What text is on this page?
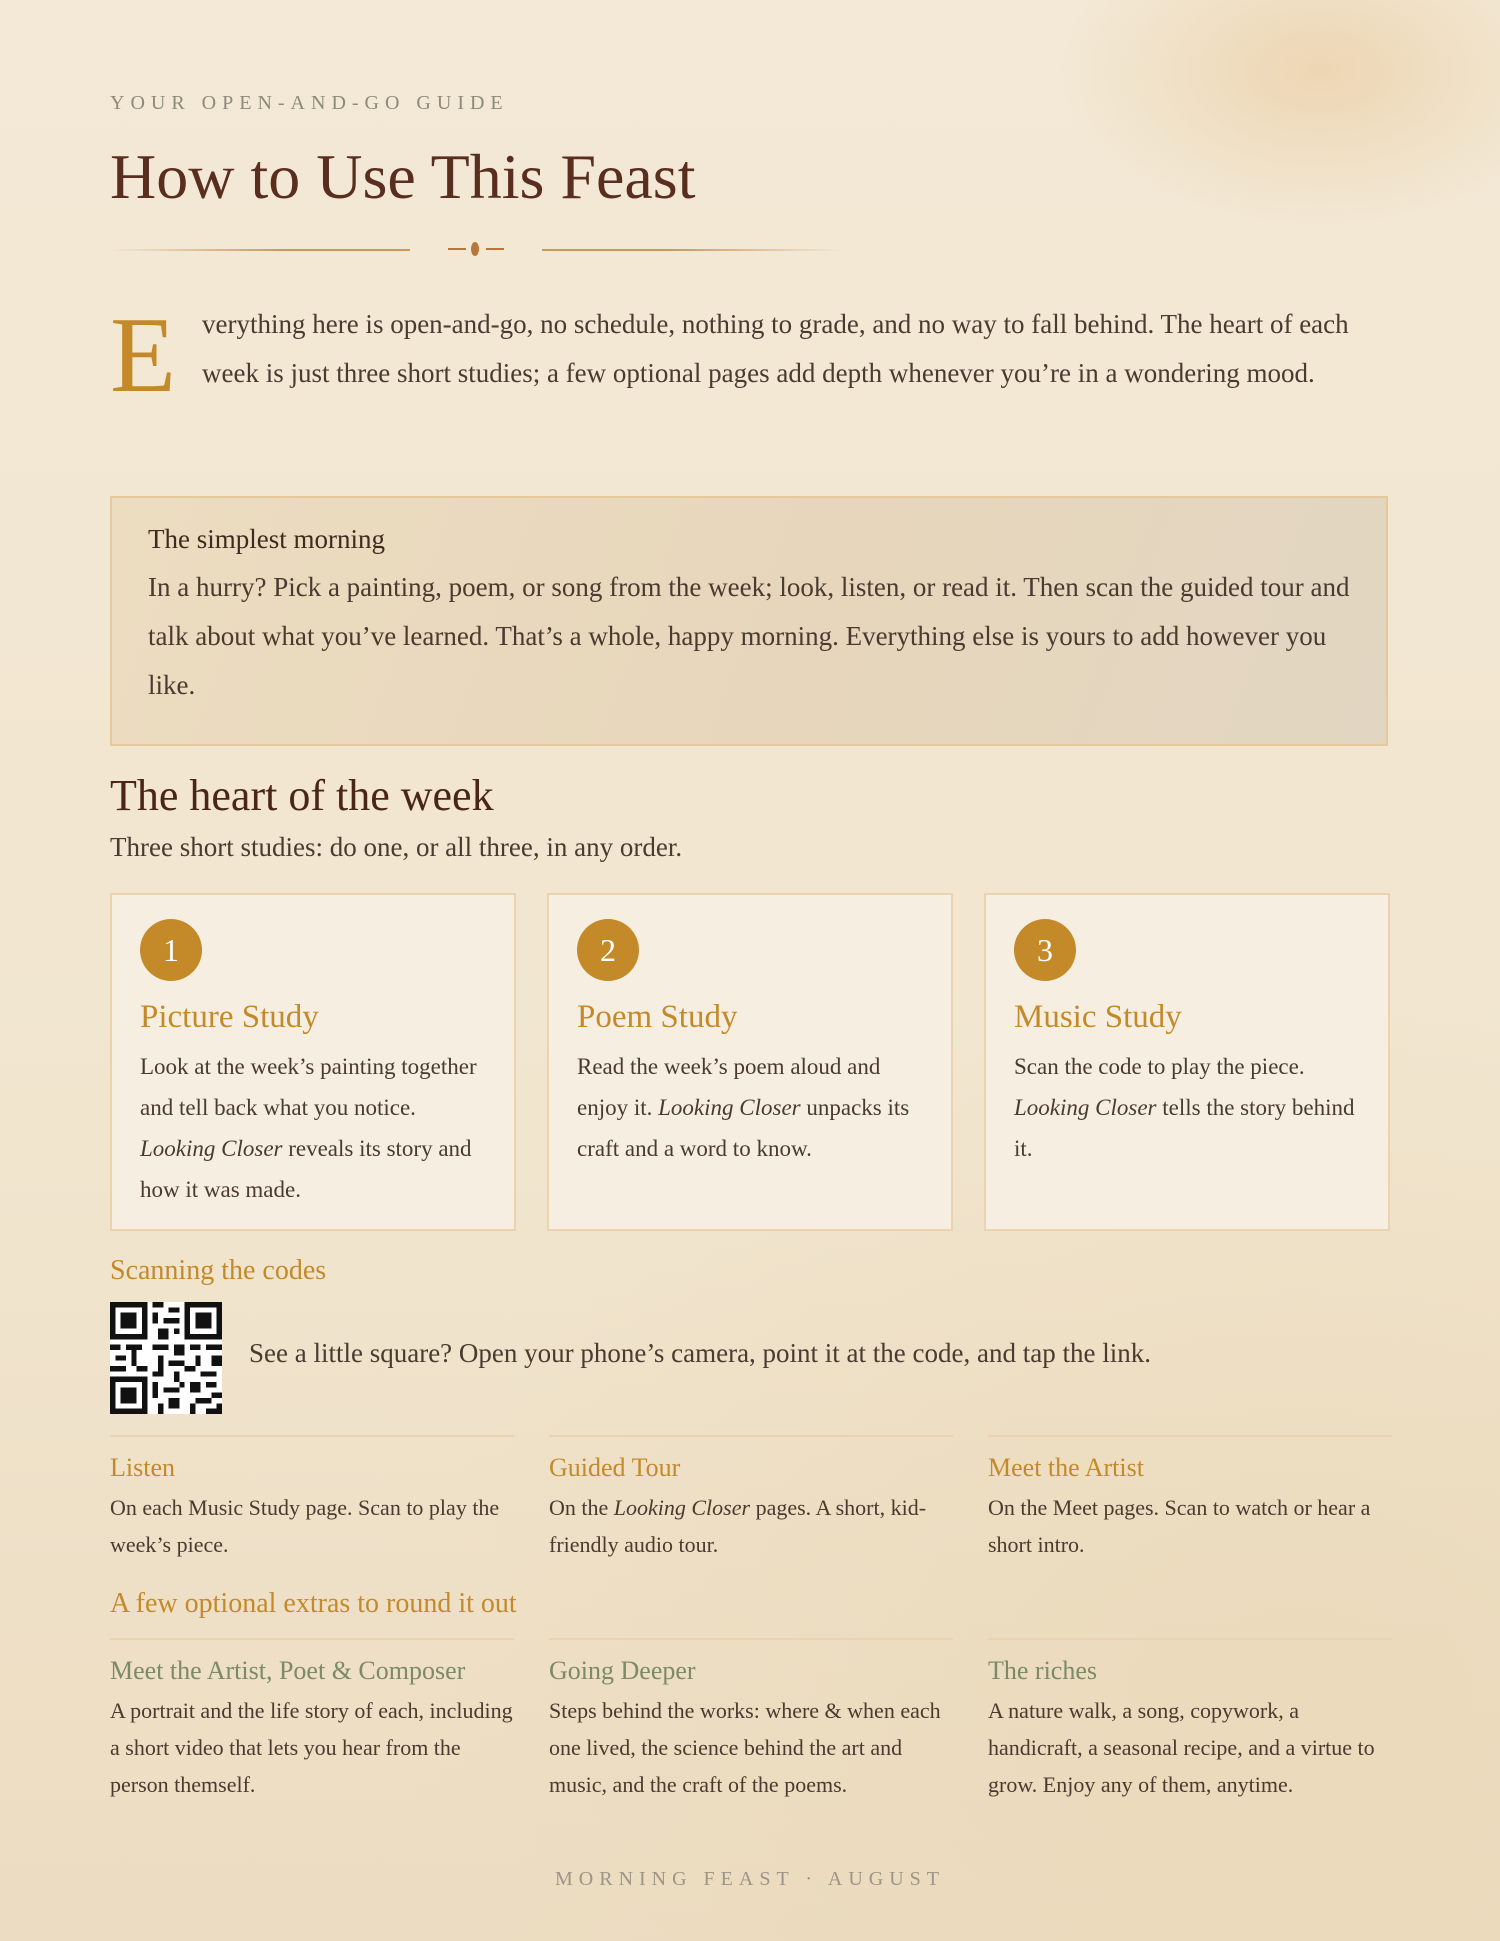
YOUR OPEN-AND-GO GUIDE
How to Use This Feast
E verything here is open-and-go, no schedule, nothing to grade, and no way to fall behind. The heart of each week is just three short studies; a few optional pages add depth whenever you’re in a wondering mood.
The simplest morning

In a hurry? Pick a painting, poem, or song from the week; look, listen, or read it. Then scan the guided tour and talk about what you’ve learned. That’s a whole, happy morning. Everything else is yours to add however you like.

The heart of the week
Three short studies: do one, or all three, in any order.
1
Picture Study

Look at the week’s painting together and tell back what you notice. Looking Closer reveals its story and how it was made.

2
Poem Study

Read the week’s poem aloud and enjoy it. Looking Closer unpacks its craft and a word to know.

3
Music Study

Scan the code to play the piece. Looking Closer tells the story behind it.

Scanning the codes
See a little square? Open your phone’s camera, point it at the code, and tap the link.
Listen

On each Music Study page. Scan to play the week’s piece.

Guided Tour

On the Looking Closer pages. A short, kid-friendly audio tour.

Meet the Artist

On the Meet pages. Scan to watch or hear a short intro.

A few optional extras to round it out
Meet the Artist, Poet & Composer

A portrait and the life story of each, including a short video that lets you hear from the person themself.

Going Deeper

Steps behind the works: where & when each one lived, the science behind the art and music, and the craft of the poems.

The riches

A nature walk, a song, copywork, a handicraft, a seasonal recipe, and a virtue to grow. Enjoy any of them, anytime.

MORNING FEAST · AUGUST
